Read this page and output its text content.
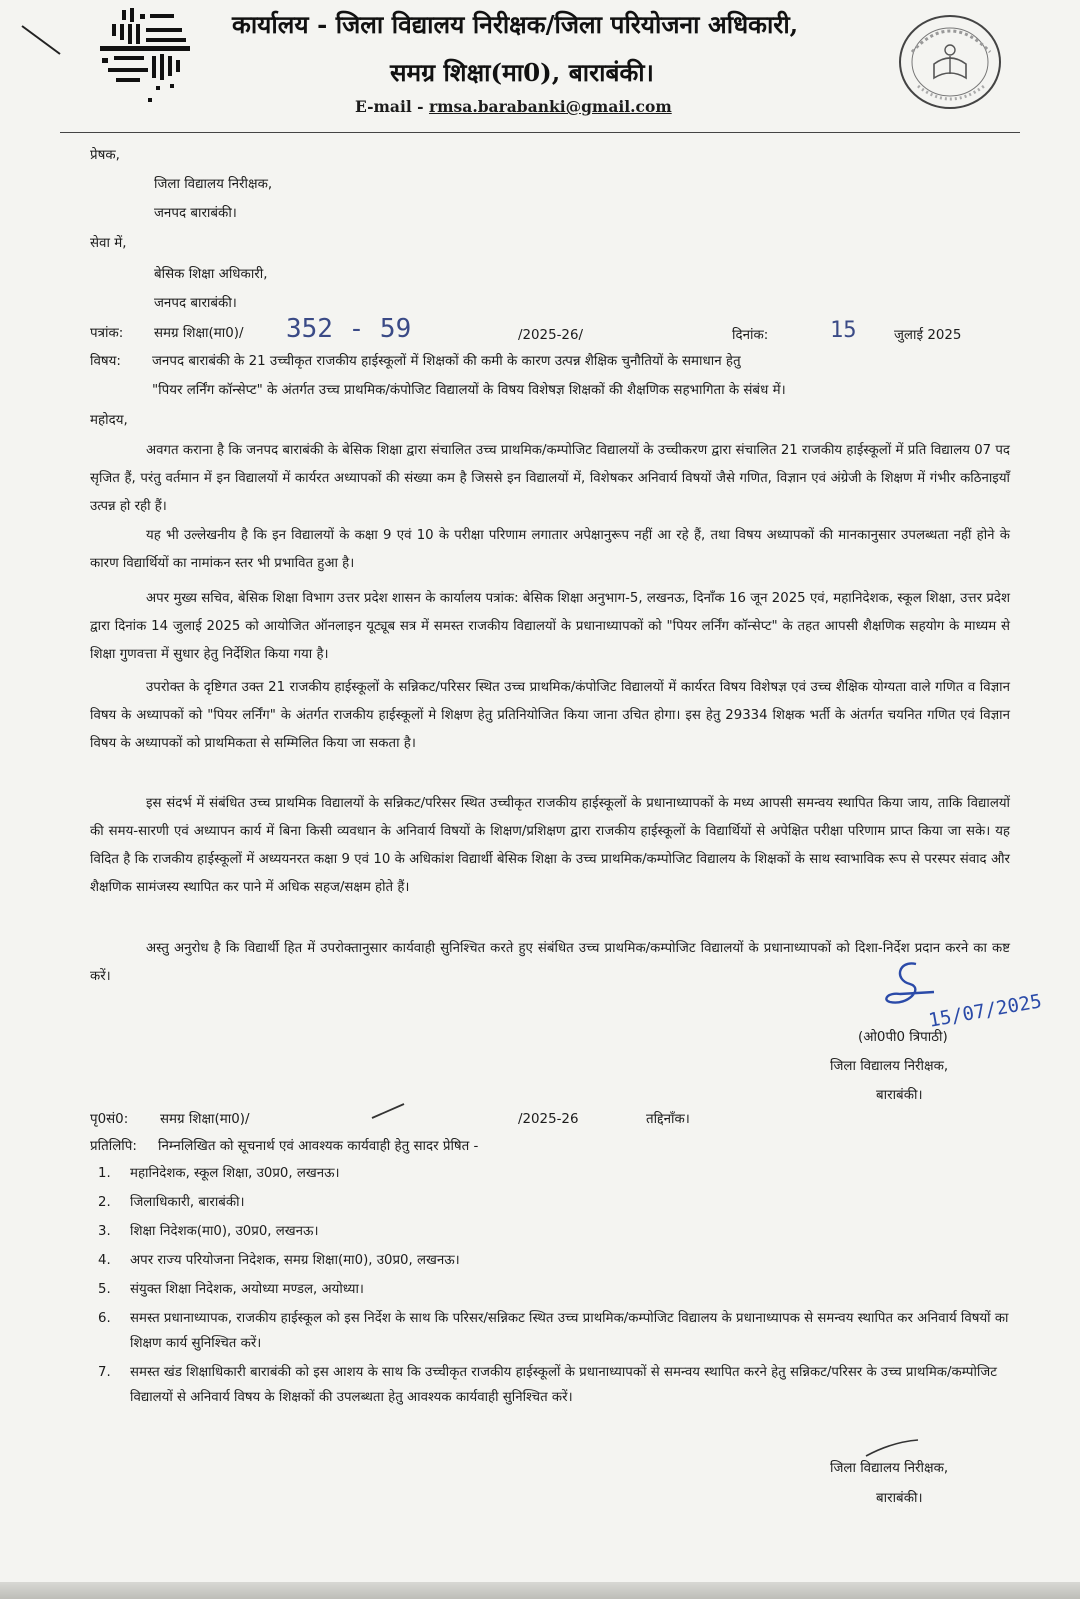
कार्यालय - जिला विद्यालय निरीक्षक/जिला परियोजना अधिकारी,
समग्र शिक्षा(मा0), बाराबंकी।
E-mail - rmsa.barabanki@gmail.com
प्रेषक,
जिला विद्यालय निरीक्षक,
जनपद बाराबंकी।
सेवा में,
बेसिक शिक्षा अधिकारी,
जनपद बाराबंकी।
पत्रांक: समग्र शिक्षा(मा0)/ 352 - 59	/2025-26/	दिनांक:	15	जुलाई 2025
विषय: जनपद बाराबंकी के 21 उच्चीकृत राजकीय हाईस्कूलों में शिक्षकों की कमी के कारण उत्पन्न शैक्षिक चुनौतियों के समाधान हेतु
"पियर लर्निंग कॉन्सेप्ट" के अंतर्गत उच्च प्राथमिक/कंपोजिट विद्यालयों के विषय विशेषज्ञ शिक्षकों की शैक्षणिक सहभागिता के संबंध में।
महोदय,
अवगत कराना है कि जनपद बाराबंकी के बेसिक शिक्षा द्वारा संचालित उच्च प्राथमिक/कम्पोजिट विद्यालयों के उच्चीकरण द्वारा संचालित 21 राजकीय हाईस्कूलों में प्रति विद्यालय 07 पद सृजित हैं, परंतु वर्तमान में इन विद्यालयों में कार्यरत अध्यापकों की संख्या कम है जिससे इन विद्यालयों में, विशेषकर अनिवार्य विषयों जैसे गणित, विज्ञान एवं अंग्रेजी के शिक्षण में गंभीर कठिनाइयाँ उत्पन्न हो रही हैं।
यह भी उल्लेखनीय है कि इन विद्यालयों के कक्षा 9 एवं 10 के परीक्षा परिणाम लगातार अपेक्षानुरूप नहीं आ रहे हैं, तथा विषय अध्यापकों की मानकानुसार उपलब्धता नहीं होने के कारण विद्यार्थियों का नामांकन स्तर भी प्रभावित हुआ है।
अपर मुख्य सचिव, बेसिक शिक्षा विभाग उत्तर प्रदेश शासन के कार्यालय पत्रांक: बेसिक शिक्षा अनुभाग-5, लखनऊ, दिनाँक 16 जून 2025 एवं, महानिदेशक, स्कूल शिक्षा, उत्तर प्रदेश द्वारा दिनांक 14 जुलाई 2025 को आयोजित ऑनलाइन यूट्यूब सत्र में समस्त राजकीय विद्यालयों के प्रधानाध्यापकों को "पियर लर्निंग कॉन्सेप्ट" के तहत आपसी शैक्षणिक सहयोग के माध्यम से शिक्षा गुणवत्ता में सुधार हेतु निर्देशित किया गया है।
उपरोक्त के दृष्टिगत उक्त 21 राजकीय हाईस्कूलों के सन्निकट/परिसर स्थित उच्च प्राथमिक/कंपोजिट विद्यालयों में कार्यरत विषय विशेषज्ञ एवं उच्च शैक्षिक योग्यता वाले गणित व विज्ञान विषय के अध्यापकों को "पियर लर्निंग" के अंतर्गत राजकीय हाईस्कूलों मे शिक्षण हेतु प्रतिनियोजित किया जाना उचित होगा। इस हेतु 29334 शिक्षक भर्ती के अंतर्गत चयनित गणित एवं विज्ञान विषय के अध्यापकों को प्राथमिकता से सम्मिलित किया जा सकता है।
इस संदर्भ में संबंधित उच्च प्राथमिक विद्यालयों के सन्निकट/परिसर स्थित उच्चीकृत राजकीय हाईस्कूलों के प्रधानाध्यापकों के मध्य आपसी समन्वय स्थापित किया जाय, ताकि विद्यालयों की समय-सारणी एवं अध्यापन कार्य में बिना किसी व्यवधान के अनिवार्य विषयों के शिक्षण/प्रशिक्षण द्वारा राजकीय हाईस्कूलों के विद्यार्थियों से अपेक्षित परीक्षा परिणाम प्राप्त किया जा सके। यह विदित है कि राजकीय हाईस्कूलों में अध्ययनरत कक्षा 9 एवं 10 के अधिकांश विद्यार्थी बेसिक शिक्षा के उच्च प्राथमिक/कम्पोजिट विद्यालय के शिक्षकों के साथ स्वाभाविक रूप से परस्पर संवाद और शैक्षणिक सामंजस्य स्थापित कर पाने में अधिक सहज/सक्षम होते हैं।
अस्तु अनुरोध है कि विद्यार्थी हित में उपरोक्तानुसार कार्यवाही सुनिश्चित करते हुए संबंधित उच्च प्राथमिक/कम्पोजिट विद्यालयों के प्रधानाध्यापकों को दिशा-निर्देश प्रदान करने का कष्ट करें।
15/07/2025
(ओ0पी0 त्रिपाठी)
जिला विद्यालय निरीक्षक,
बाराबंकी।
पृ0सं0: समग्र शिक्षा(मा0)/	/2025-26	तद्दिनाँक।
प्रतिलिपि: निम्नलिखित को सूचनार्थ एवं आवश्यक कार्यवाही हेतु सादर प्रेषित -
1. महानिदेशक, स्कूल शिक्षा, उ0प्र0, लखनऊ।
2. जिलाधिकारी, बाराबंकी।
3. शिक्षा निदेशक(मा0), उ0प्र0, लखनऊ।
4. अपर राज्य परियोजना निदेशक, समग्र शिक्षा(मा0), उ0प्र0, लखनऊ।
5. संयुक्त शिक्षा निदेशक, अयोध्या मण्डल, अयोध्या।
6. समस्त प्रधानाध्यापक, राजकीय हाईस्कूल को इस निर्देश के साथ कि परिसर/सन्निकट स्थित उच्च प्राथमिक/कम्पोजिट विद्यालय के प्रधानाध्यापक से समन्वय स्थापित कर अनिवार्य विषयों का शिक्षण कार्य सुनिश्चित करें।
7. समस्त खंड शिक्षाधिकारी बाराबंकी को इस आशय के साथ कि उच्चीकृत राजकीय हाईस्कूलों के प्रधानाध्यापकों से समन्वय स्थापित करने हेतु सन्निकट/परिसर के उच्च प्राथमिक/कम्पोजिट विद्यालयों से अनिवार्य विषय के शिक्षकों की उपलब्धता हेतु आवश्यक कार्यवाही सुनिश्चित करें।
जिला विद्यालय निरीक्षक,
बाराबंकी।
